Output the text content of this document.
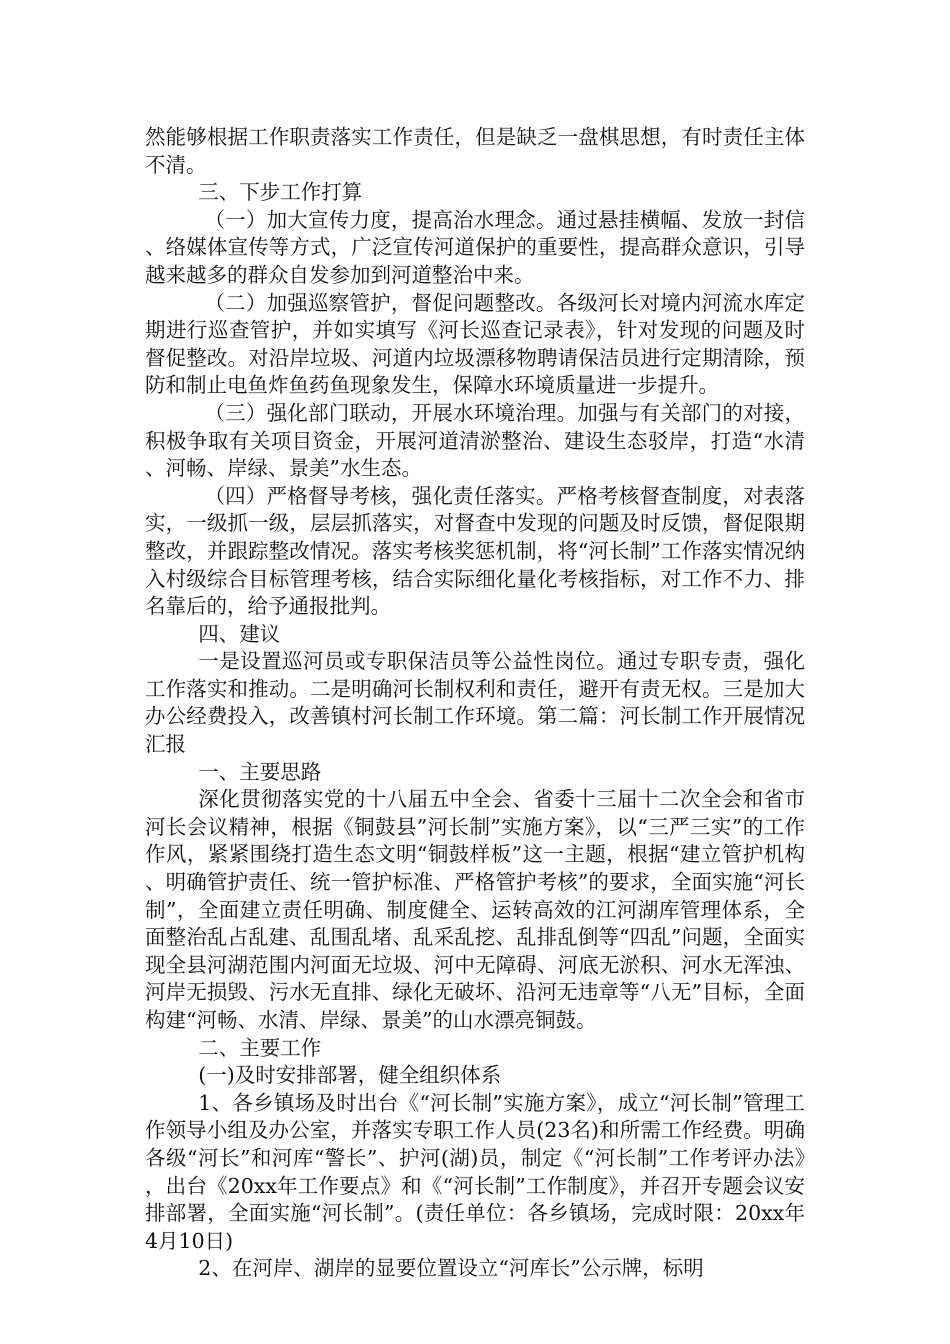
然能够根据工作职责落实工作责任，但是缺乏一盘棋思想，有时责任主体不清。

三、下步工作打算

（一）加大宣传力度，提高治水理念。通过悬挂横幅、发放一封信、络媒体宣传等方式，广泛宣传河道保护的重要性，提高群众意识，引导越来越多的群众自发参加到河道整治中来。

（二）加强巡察管护，督促问题整改。各级河长对境内河流水库定期进行巡查管护，并如实填写《河长巡查记录表》，针对发现的问题及时督促整改。对沿岸垃圾、河道内垃圾漂移物聘请保洁员进行定期清除，预防和制止电鱼炸鱼药鱼现象发生，保障水环境质量进一步提升。

（三）强化部门联动，开展水环境治理。加强与有关部门的对接，积极争取有关项目资金，开展河道清淤整治、建设生态驳岸，打造“水清、河畅、岸绿、景美”水生态。

（四）严格督导考核，强化责任落实。严格考核督查制度，对表落实，一级抓一级，层层抓落实，对督查中发现的问题及时反馈，督促限期整改，并跟踪整改情况。落实考核奖惩机制，将“河长制”工作落实情况纳入村级综合目标管理考核，结合实际细化量化考核指标，对工作不力、排名靠后的，给予通报批判。

四、建议

一是设置巡河员或专职保洁员等公益性岗位。通过专职专责，强化工作落实和推动。二是明确河长制权利和责任，避开有责无权。三是加大办公经费投入，改善镇村河长制工作环境。第二篇：河长制工作开展情况汇报

一、主要思路

深化贯彻落实党的十八届五中全会、省委十三届十二次全会和省市河长会议精神，根据《铜鼓县”河长制”实施方案》，以“三严三实”的工作作风，紧紧围绕打造生态文明“铜鼓样板”这一主题，根据“建立管护机构、明确管护责任、统一管护标准、严格管护考核”的要求，全面实施“河长制”，全面建立责任明确、制度健全、运转高效的江河湖库管理体系，全面整治乱占乱建、乱围乱堵、乱采乱挖、乱排乱倒等“四乱”问题，全面实现全县河湖范围内河面无垃圾、河中无障碍、河底无淤积、河水无浑浊、河岸无损毁、污水无直排、绿化无破坏、沿河无违章等“八无”目标，全面构建“河畅、水清、岸绿、景美”的山水漂亮铜鼓。

二、主要工作

(一)及时安排部署，健全组织体系

1、各乡镇场及时出台《“河长制”实施方案》，成立“河长制”管理工作领导小组及办公室，并落实专职工作人员(23名)和所需工作经费。明确各级“河长”和河库“警长”、护河(湖)员，制定《“河长制”工作考评办法》，出台《20xx年工作要点》和《“河长制”工作制度》，并召开专题会议安排部署，全面实施“河长制”。(责任单位：各乡镇场，完成时限：20xx年4月10日)

2、在河岸、湖岸的显要位置设立“河库长”公示牌，标明
